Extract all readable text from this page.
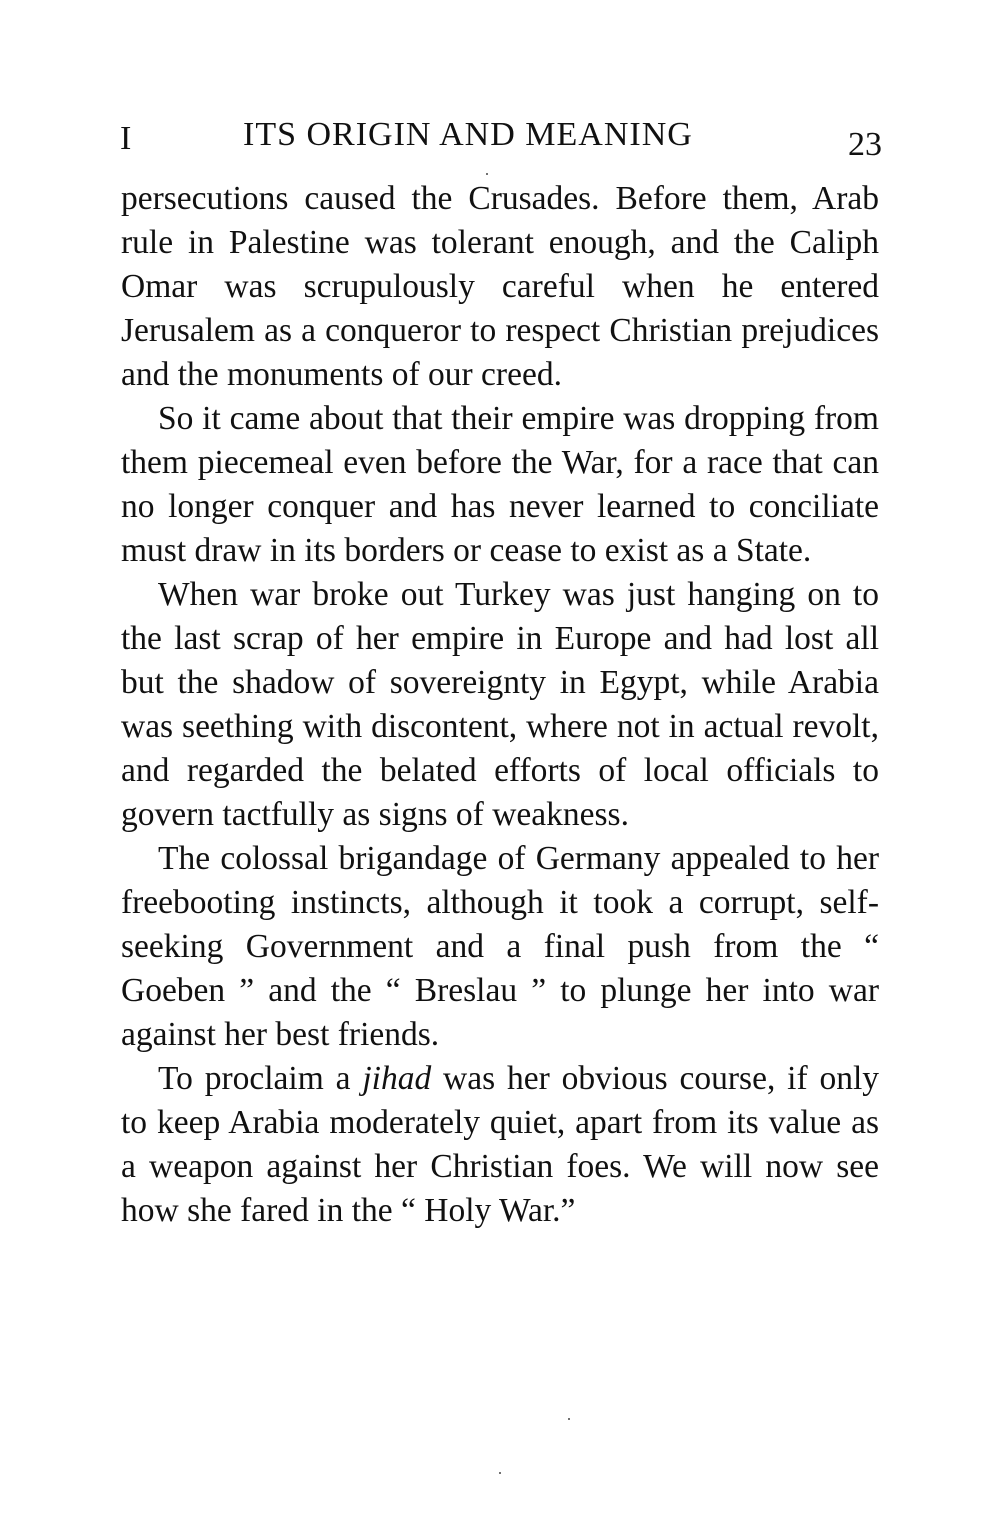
I	ITS ORIGIN AND MEANING	23

persecutions caused the Crusades. Before them, Arab rule in Palestine was tolerant enough, and the Caliph Omar was scrupulously careful when he entered Jerusalem as a conqueror to respect Christian prejudices and the monuments of our creed.

So it came about that their empire was dropping from them piecemeal even before the War, for a race that can no longer conquer and has never learned to conciliate must draw in its borders or cease to exist as a State.

When war broke out Turkey was just hanging on to the last scrap of her empire in Europe and had lost all but the shadow of sovereignty in Egypt, while Arabia was seething with discontent, where not in actual revolt, and regarded the belated efforts of local officials to govern tactfully as signs of weakness.

The colossal brigandage of Germany appealed to her freebooting instincts, although it took a corrupt, self-seeking Government and a final push from the “ Goeben ” and the “ Breslau ” to plunge her into war against her best friends.

To proclaim a jihad was her obvious course, if only to keep Arabia moderately quiet, apart from its value as a weapon against her Christian foes. We will now see how she fared in the “ Holy War.”
